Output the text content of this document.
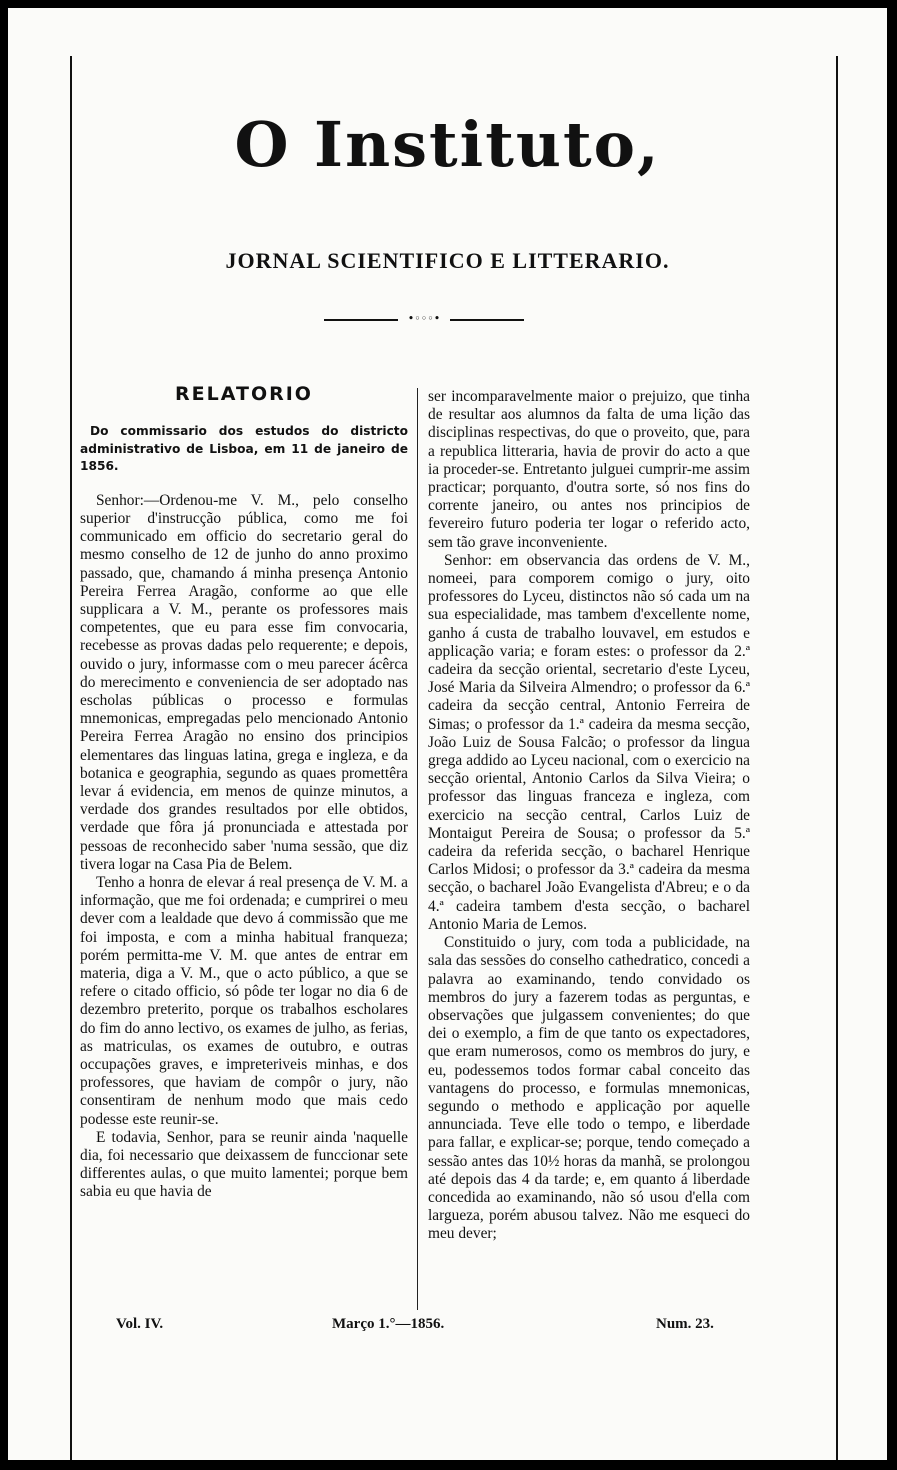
O Instituto,
JORNAL SCIENTIFICO E LITTERARIO.
•◦◦◦•
RELATORIO
Do commissario dos estudos do districto administrativo de Lisboa, em 11 de janeiro de 1856.

Senhor:—Ordenou-me V. M., pelo conselho superior d'instrucção pública, como me foi communicado em officio do secretario geral do mesmo conselho de 12 de junho do anno proximo passado, que, chamando á minha presença Antonio Pereira Ferrea Aragão, conforme ao que elle supplicara a V. M., perante os professores mais competentes, que eu para esse fim convocaria, recebesse as provas dadas pelo requerente; e depois, ouvido o jury, informasse com o meu parecer ácêrca do merecimento e conveniencia de ser adoptado nas escholas públicas o processo e formulas mnemonicas, empregadas pelo mencionado Antonio Pereira Ferrea Aragão no ensino dos principios elementares das linguas latina, grega e ingleza, e da botanica e geographia, segundo as quaes promettêra levar á evidencia, em menos de quinze minutos, a verdade dos grandes resultados por elle obtidos, verdade que fôra já pronunciada e attestada por pessoas de reconhecido saber 'numa sessão, que diz tivera logar na Casa Pia de Belem.

Tenho a honra de elevar á real presença de V. M. a informação, que me foi ordenada; e cumprirei o meu dever com a lealdade que devo á commissão que me foi imposta, e com a minha habitual franqueza; porém permitta-me V. M. que antes de entrar em materia, diga a V. M., que o acto público, a que se refere o citado officio, só pôde ter logar no dia 6 de dezembro preterito, porque os trabalhos escholares do fim do anno lectivo, os exames de julho, as ferias, as matriculas, os exames de outubro, e outras occupações graves, e impreteriveis minhas, e dos professores, que haviam de compôr o jury, não consentiram de nenhum modo que mais cedo podesse este reunir-se.

E todavia, Senhor, para se reunir ainda 'naquelle dia, foi necessario que deixassem de funccionar sete differentes aulas, o que muito lamentei; porque bem sabia eu que havia de

ser incomparavelmente maior o prejuizo, que tinha de resultar aos alumnos da falta de uma lição das disciplinas respectivas, do que o proveito, que, para a republica litteraria, havia de provir do acto a que ia proceder-se. Entretanto julguei cumprir-me assim practicar; porquanto, d'outra sorte, só nos fins do corrente janeiro, ou antes nos principios de fevereiro futuro poderia ter logar o referido acto, sem tão grave inconveniente.

Senhor: em observancia das ordens de V. M., nomeei, para comporem comigo o jury, oito professores do Lyceu, distinctos não só cada um na sua especialidade, mas tambem d'excellente nome, ganho á custa de trabalho louvavel, em estudos e applicação varia; e foram estes: o professor da 2.ª cadeira da secção oriental, secretario d'este Lyceu, José Maria da Silveira Almendro; o professor da 6.ª cadeira da secção central, Antonio Ferreira de Simas; o professor da 1.ª cadeira da mesma secção, João Luiz de Sousa Falcão; o professor da lingua grega addido ao Lyceu nacional, com o exercicio na secção oriental, Antonio Carlos da Silva Vieira; o professor das linguas franceza e ingleza, com exercicio na secção central, Carlos Luiz de Montaigut Pereira de Sousa; o professor da 5.ª cadeira da referida secção, o bacharel Henrique Carlos Midosi; o professor da 3.ª cadeira da mesma secção, o bacharel João Evangelista d'Abreu; e o da 4.ª cadeira tambem d'esta secção, o bacharel Antonio Maria de Lemos.

Constituido o jury, com toda a publicidade, na sala das sessões do conselho cathedratico, concedi a palavra ao examinando, tendo convidado os membros do jury a fazerem todas as perguntas, e observações que julgassem convenientes; do que dei o exemplo, a fim de que tanto os expectadores, que eram numerosos, como os membros do jury, e eu, podessemos todos formar cabal conceito das vantagens do processo, e formulas mnemonicas, segundo o methodo e applicação por aquelle annunciada. Teve elle todo o tempo, e liberdade para fallar, e explicar-se; porque, tendo começado a sessão antes das 10½ horas da manhã, se prolongou até depois das 4 da tarde; e, em quanto á liberdade concedida ao examinando, não só usou d'ella com largueza, porém abusou talvez. Não me esqueci do meu dever;

Vol. IV.	Março 1.°—1856.	Num. 23.
